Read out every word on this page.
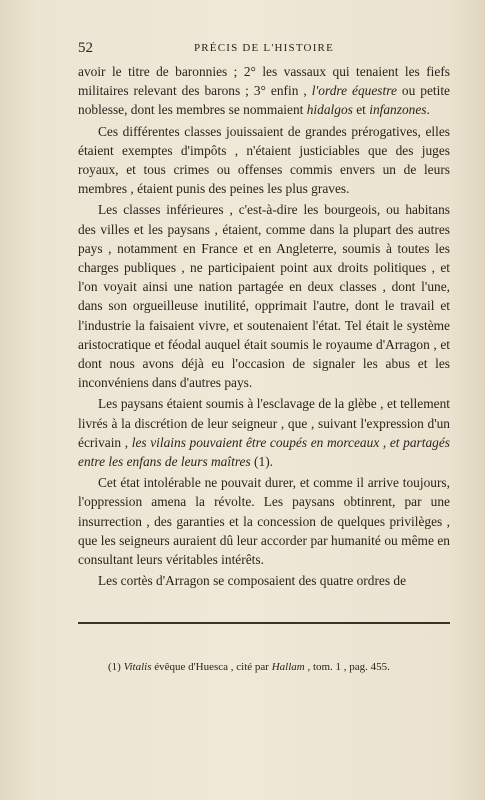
52	PRÉCIS DE L'HISTOIRE

avoir le titre de baronnies ; 2° les vassaux qui tenaient les fiefs militaires relevant des barons ; 3° enfin , l'ordre équestre ou petite noblesse, dont les membres se nommaient hidalgos et infanzones.

Ces différentes classes jouissaient de grandes prérogatives, elles étaient exemptes d'impôts , n'étaient justiciables que des juges royaux, et tous crimes ou offenses commis envers un de leurs membres , étaient punis des peines les plus graves.

Les classes inférieures , c'est-à-dire les bourgeois, ou habitans des villes et les paysans , étaient, comme dans la plupart des autres pays , notamment en France et en Angleterre, soumis à toutes les charges publiques , ne participaient point aux droits politiques , et l'on voyait ainsi une nation partagée en deux classes , dont l'une, dans son orgueilleuse inutilité, opprimait l'autre, dont le travail et l'industrie la faisaient vivre, et soutenaient l'état. Tel était le système aristocratique et féodal auquel était soumis le royaume d'Arragon , et dont nous avons déjà eu l'occasion de signaler les abus et les inconvéniens dans d'autres pays.

Les paysans étaient soumis à l'esclavage de la glèbe , et tellement livrés à la discrétion de leur seigneur , que , suivant l'expression d'un écrivain , les vilains pouvaient être coupés en morceaux , et partagés entre les enfans de leurs maîtres (1).

Cet état intolérable ne pouvait durer, et comme il arrive toujours, l'oppression amena la révolte. Les paysans obtinrent, par une insurrection , des garanties et la concession de quelques privilèges , que les seigneurs auraient dû leur accorder par humanité ou même en consultant leurs véritables intérêts.

Les cortès d'Arragon se composaient des quatre ordres de

(1) Vitalis évêque d'Huesca , cité par Hallam , tom. 1 , pag. 455.
